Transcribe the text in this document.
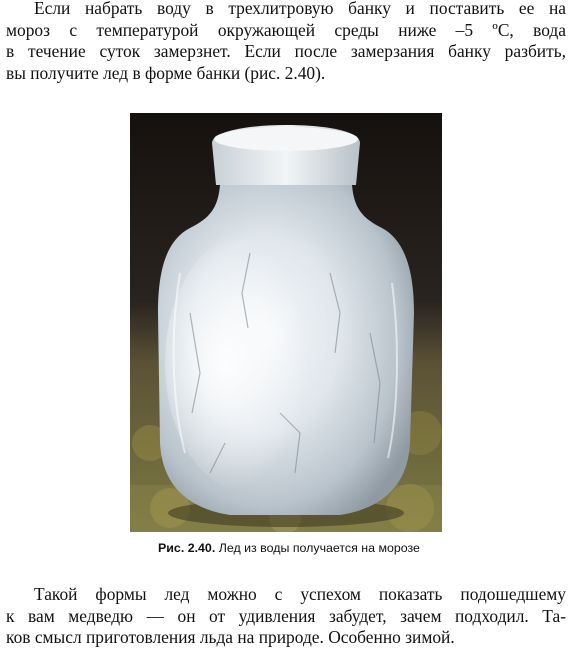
Если набрать воду в трехлитровую банку и поставить ее на
мороз с температурой окружающей среды ниже –5 ºС, вода
в течение суток замерзнет. Если после замерзания банку разбить,
вы получите лед в форме банки (рис. 2.40).
Рис. 2.40. Лед из воды получается на морозе
Такой формы лед можно с успехом показать подошедшему
к вам медведю — он от удивления забудет, зачем подходил. Та-
ков смысл приготовления льда на природе. Особенно зимой.
